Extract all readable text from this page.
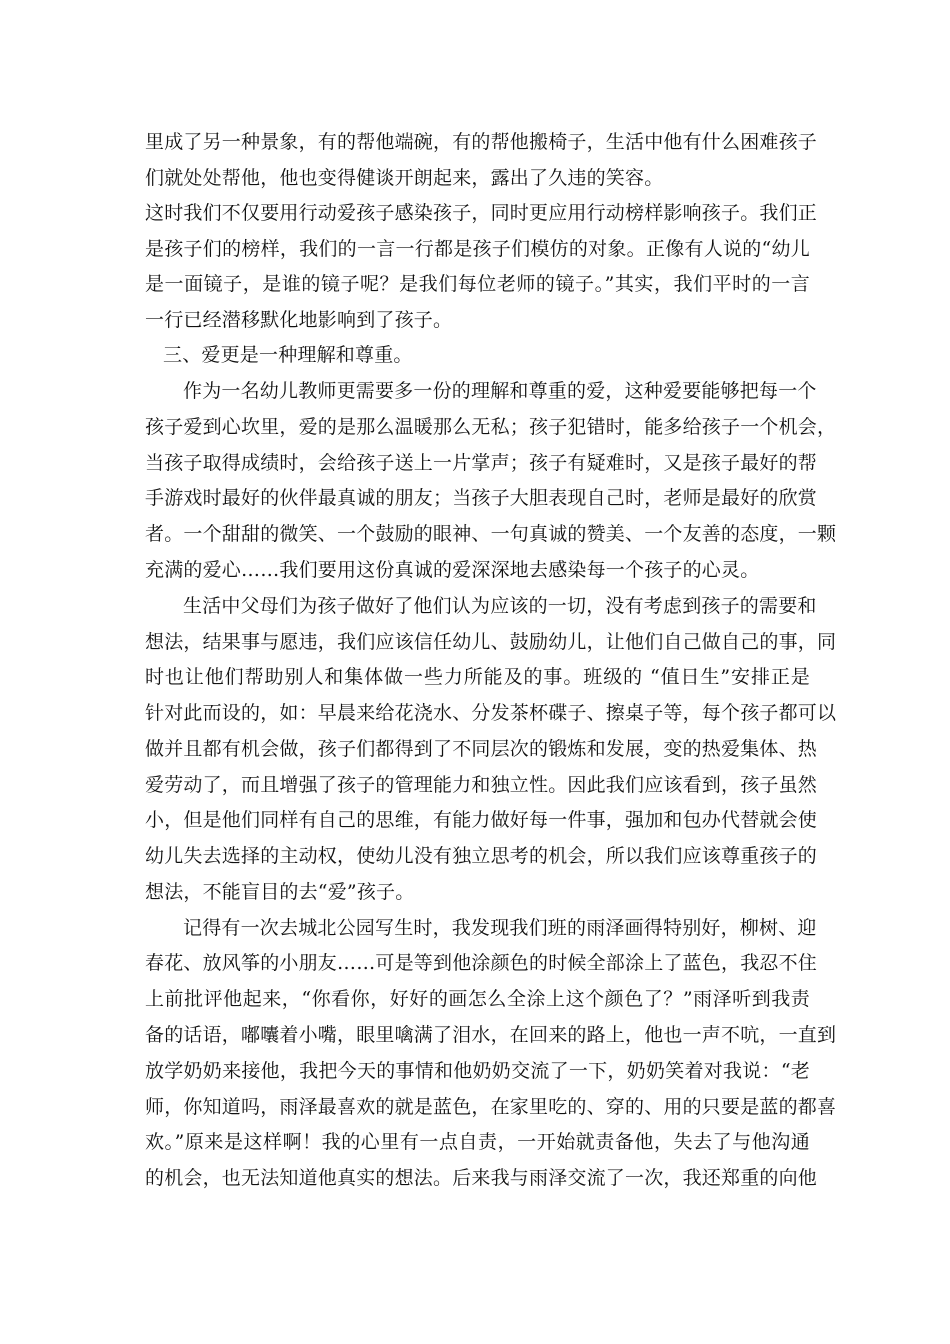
里成了另一种景象，有的帮他端碗，有的帮他搬椅子，生活中他有什么困难孩子
们就处处帮他，他也变得健谈开朗起来，露出了久违的笑容。
这时我们不仅要用行动爱孩子感染孩子，同时更应用行动榜样影响孩子。我们正
是孩子们的榜样，我们的一言一行都是孩子们模仿的对象。正像有人说的“幼儿
是一面镜子，是谁的镜子呢？是我们每位老师的镜子。”其实，我们平时的一言
一行已经潜移默化地影响到了孩子。
三、爱更是一种理解和尊重。
作为一名幼儿教师更需要多一份的理解和尊重的爱，这种爱要能够把每一个
孩子爱到心坎里，爱的是那么温暖那么无私；孩子犯错时，能多给孩子一个机会，
当孩子取得成绩时，会给孩子送上一片掌声；孩子有疑难时，又是孩子最好的帮
手游戏时最好的伙伴最真诚的朋友；当孩子大胆表现自己时，老师是最好的欣赏
者。一个甜甜的微笑、一个鼓励的眼神、一句真诚的赞美、一个友善的态度，一颗
充满的爱心……我们要用这份真诚的爱深深地去感染每一个孩子的心灵。
生活中父母们为孩子做好了他们认为应该的一切，没有考虑到孩子的需要和
想法，结果事与愿违，我们应该信任幼儿、鼓励幼儿，让他们自己做自己的事，同
时也让他们帮助别人和集体做一些力所能及的事。班级的 “值日生”安排正是
针对此而设的，如：早晨来给花浇水、分发茶杯碟子、擦桌子等，每个孩子都可以
做并且都有机会做，孩子们都得到了不同层次的锻炼和发展，变的热爱集体、热
爱劳动了，而且增强了孩子的管理能力和独立性。因此我们应该看到，孩子虽然
小，但是他们同样有自己的思维，有能力做好每一件事，强加和包办代替就会使
幼儿失去选择的主动权，使幼儿没有独立思考的机会，所以我们应该尊重孩子的
想法，不能盲目的去“爱”孩子。
记得有一次去城北公园写生时，我发现我们班的雨泽画得特别好，柳树、迎
春花、放风筝的小朋友……可是等到他涂颜色的时候全部涂上了蓝色，我忍不住
上前批评他起来，“你看你，好好的画怎么全涂上这个颜色了？”雨泽听到我责
备的话语，嘟囔着小嘴，眼里噙满了泪水，在回来的路上，他也一声不吭，一直到
放学奶奶来接他，我把今天的事情和他奶奶交流了一下，奶奶笑着对我说：“老
师，你知道吗，雨泽最喜欢的就是蓝色，在家里吃的、穿的、用的只要是蓝的都喜
欢。”原来是这样啊！我的心里有一点自责，一开始就责备他，失去了与他沟通
的机会，也无法知道他真实的想法。后来我与雨泽交流了一次，我还郑重的向他
